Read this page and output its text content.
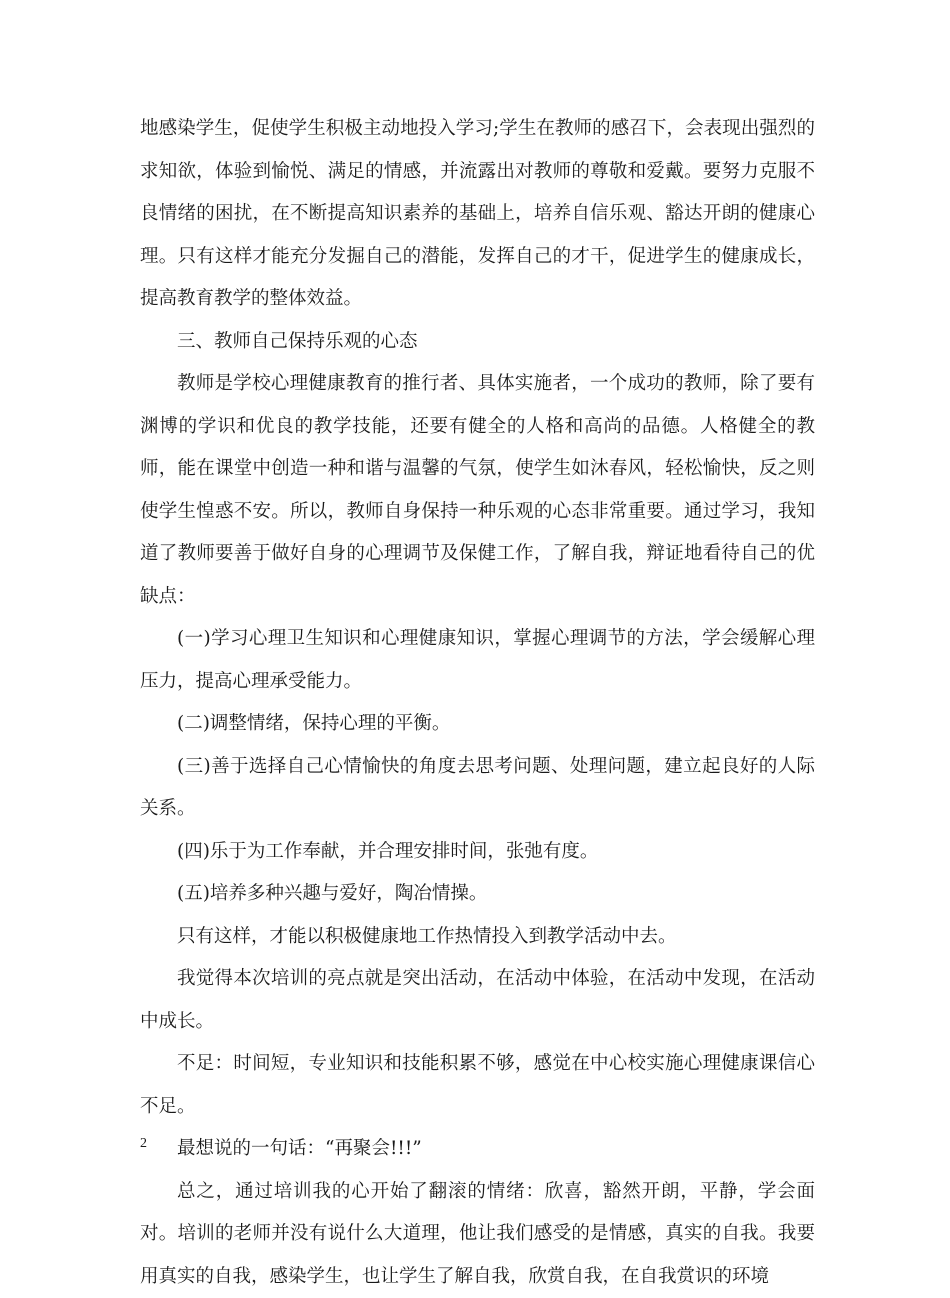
地感染学生，促使学生积极主动地投入学习;学生在教师的感召下，会表现出强烈的求知欲，体验到愉悦、满足的情感，并流露出对教师的尊敬和爱戴。要努力克服不良情绪的困扰，在不断提高知识素养的基础上，培养自信乐观、豁达开朗的健康心理。只有这样才能充分发掘自己的潜能，发挥自己的才干，促进学生的健康成长，提高教育教学的整体效益。

三、教师自己保持乐观的心态

教师是学校心理健康教育的推行者、具体实施者，一个成功的教师，除了要有渊博的学识和优良的教学技能，还要有健全的人格和高尚的品德。人格健全的教师，能在课堂中创造一种和谐与温馨的气氛，使学生如沐春风，轻松愉快，反之则使学生惶惑不安。所以，教师自身保持一种乐观的心态非常重要。通过学习，我知道了教师要善于做好自身的心理调节及保健工作，了解自我，辩证地看待自己的优缺点：

(一)学习心理卫生知识和心理健康知识，掌握心理调节的方法，学会缓解心理压力，提高心理承受能力。

(二)调整情绪，保持心理的平衡。

(三)善于选择自己心情愉快的角度去思考问题、处理问题，建立起良好的人际关系。

(四)乐于为工作奉献，并合理安排时间，张弛有度。

(五)培养多种兴趣与爱好，陶冶情操。

只有这样，才能以积极健康地工作热情投入到教学活动中去。

我觉得本次培训的亮点就是突出活动，在活动中体验，在活动中发现，在活动中成长。

不足：时间短，专业知识和技能积累不够，感觉在中心校实施心理健康课信心不足。

最想说的一句话：“再聚会!!!”

总之，通过培训我的心开始了翻滚的情绪：欣喜，豁然开朗，平静，学会面对。培训的老师并没有说什么大道理，他让我们感受的是情感，真实的自我。我要用真实的自我，感染学生，也让学生了解自我，欣赏自我，在自我赏识的环境

2
